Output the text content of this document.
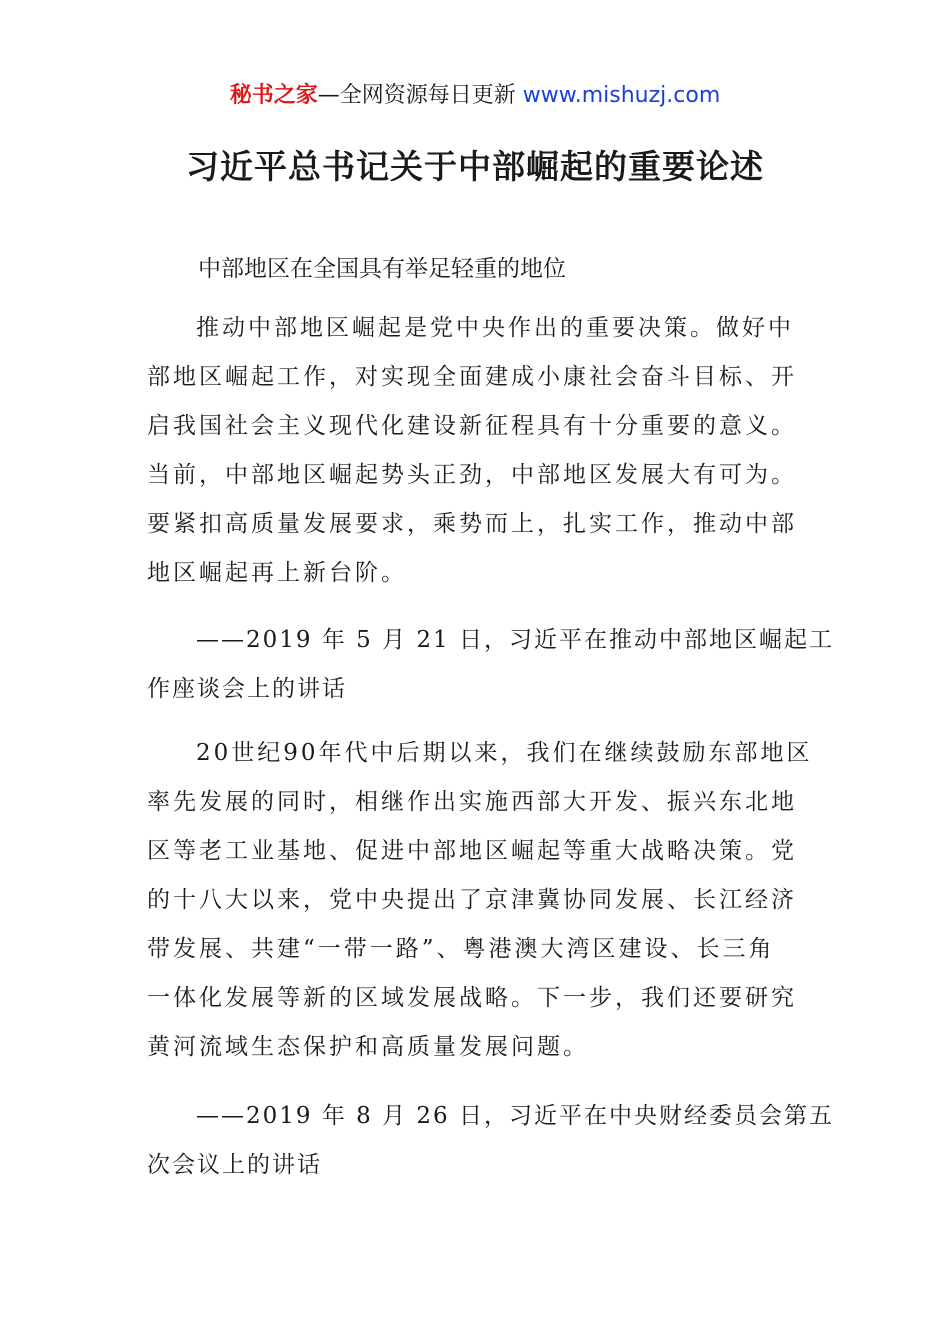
秘书之家—全网资源每日更新 www.mishuzj.com
习近平总书记关于中部崛起的重要论述
中部地区在全国具有举足轻重的地位
推动中部地区崛起是党中央作出的重要决策。做好中
部地区崛起工作，对实现全面建成小康社会奋斗目标、开
启我国社会主义现代化建设新征程具有十分重要的意义。
当前，中部地区崛起势头正劲，中部地区发展大有可为。
要紧扣高质量发展要求，乘势而上，扎实工作，推动中部
地区崛起再上新台阶。
——2019 年 5 月 21 日，习近平在推动中部地区崛起工
作座谈会上的讲话
20世纪90年代中后期以来，我们在继续鼓励东部地区
率先发展的同时，相继作出实施西部大开发、振兴东北地
区等老工业基地、促进中部地区崛起等重大战略决策。党
的十八大以来，党中央提出了京津冀协同发展、长江经济
带发展、共建“一带一路”、粤港澳大湾区建设、长三角
一体化发展等新的区域发展战略。下一步，我们还要研究
黄河流域生态保护和高质量发展问题。
——2019 年 8 月 26 日，习近平在中央财经委员会第五
次会议上的讲话
